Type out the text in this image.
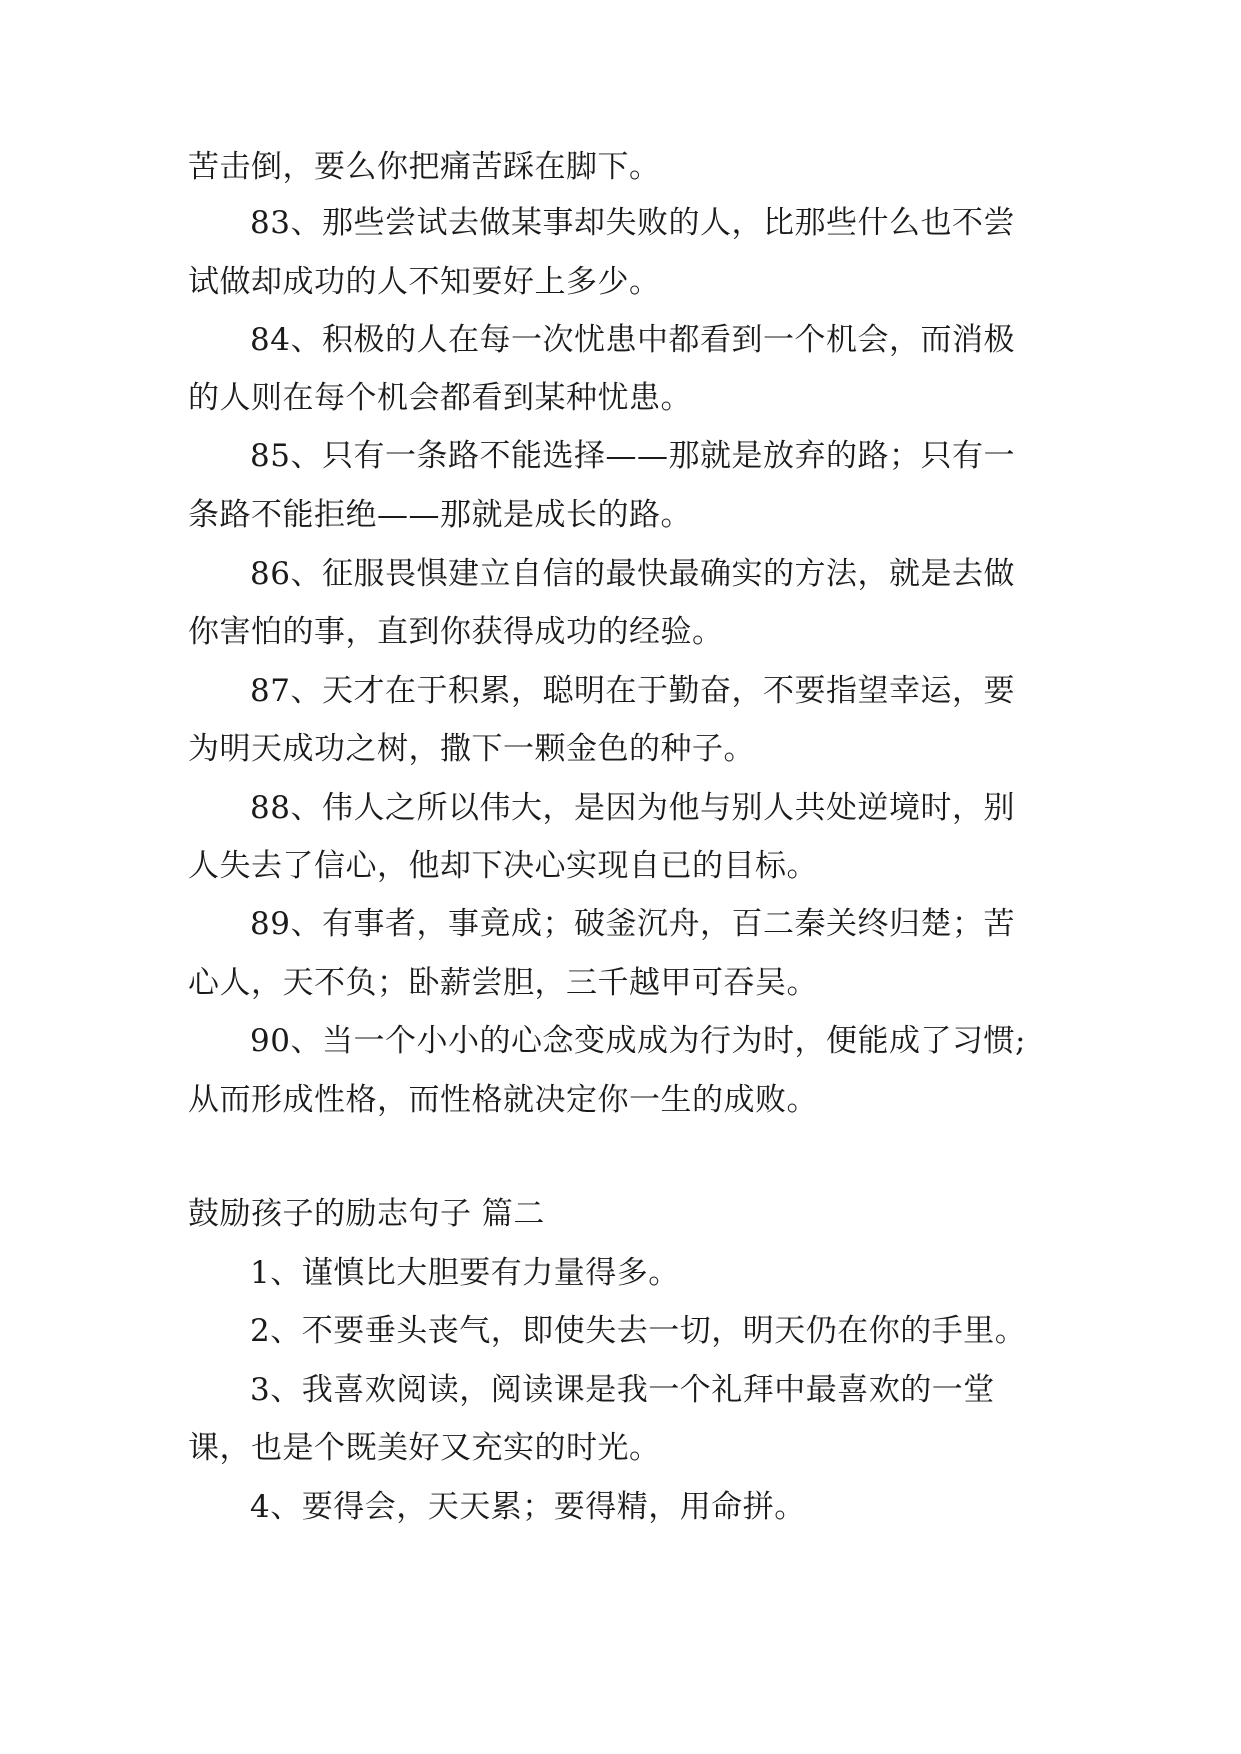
苦击倒，要么你把痛苦踩在脚下。

83、那些尝试去做某事却失败的人，比那些什么也不尝

试做却成功的人不知要好上多少。

84、积极的人在每一次忧患中都看到一个机会，而消极

的人则在每个机会都看到某种忧患。

85、只有一条路不能选择——那就是放弃的路；只有一

条路不能拒绝——那就是成长的路。

86、征服畏惧建立自信的最快最确实的方法，就是去做

你害怕的事，直到你获得成功的经验。

87、天才在于积累，聪明在于勤奋，不要指望幸运，要

为明天成功之树，撒下一颗金色的种子。

88、伟人之所以伟大，是因为他与别人共处逆境时，别

人失去了信心，他却下决心实现自已的目标。

89、有事者，事竟成；破釜沉舟，百二秦关终归楚；苦

心人，天不负；卧薪尝胆，三千越甲可吞吴。

90、当一个小小的心念变成成为行为时，便能成了习惯;

从而形成性格，而性格就决定你一生的成败。

鼓励孩子的励志句子 篇二

1、谨慎比大胆要有力量得多。

2、不要垂头丧气，即使失去一切，明天仍在你的手里。

3、我喜欢阅读，阅读课是我一个礼拜中最喜欢的一堂

课，也是个既美好又充实的时光。

4、要得会，天天累；要得精，用命拼。
